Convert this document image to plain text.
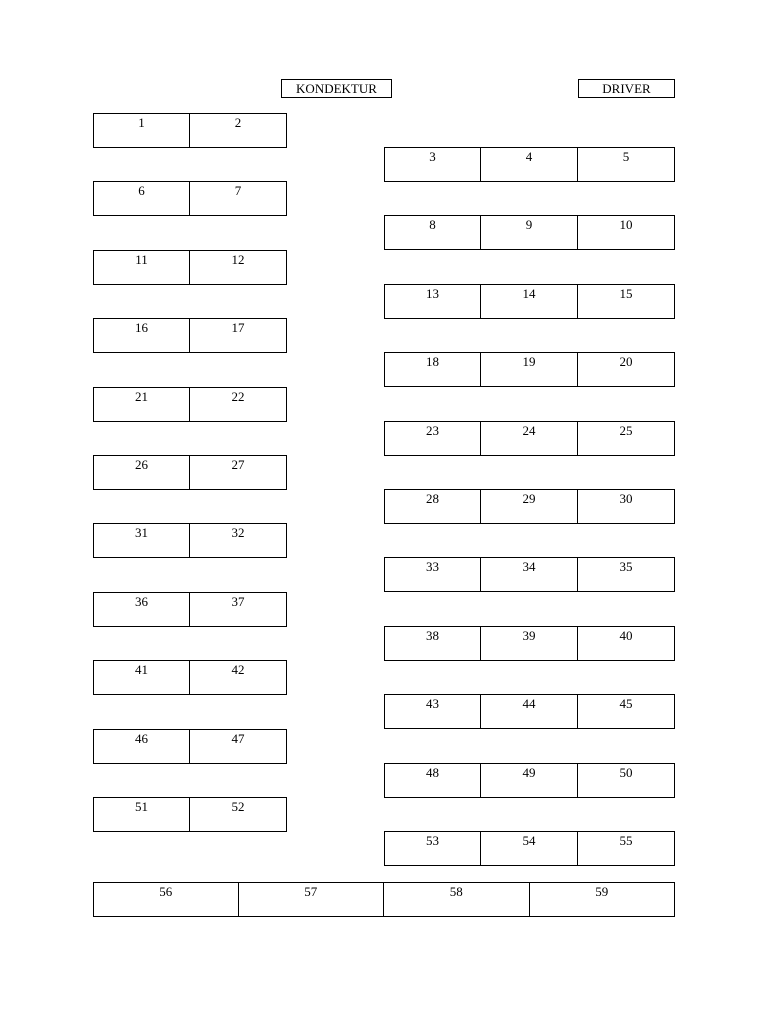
KONDEKTUR	DRIVER
1	2
6	7
11	12
16	17
21	22
26	27
31	32
36	37
41	42
46	47
51	52
3	4	5
8	9	10
13	14	15
18	19	20
23	24	25
28	29	30
33	34	35
38	39	40
43	44	45
48	49	50
53	54	55
56	57	58	59
